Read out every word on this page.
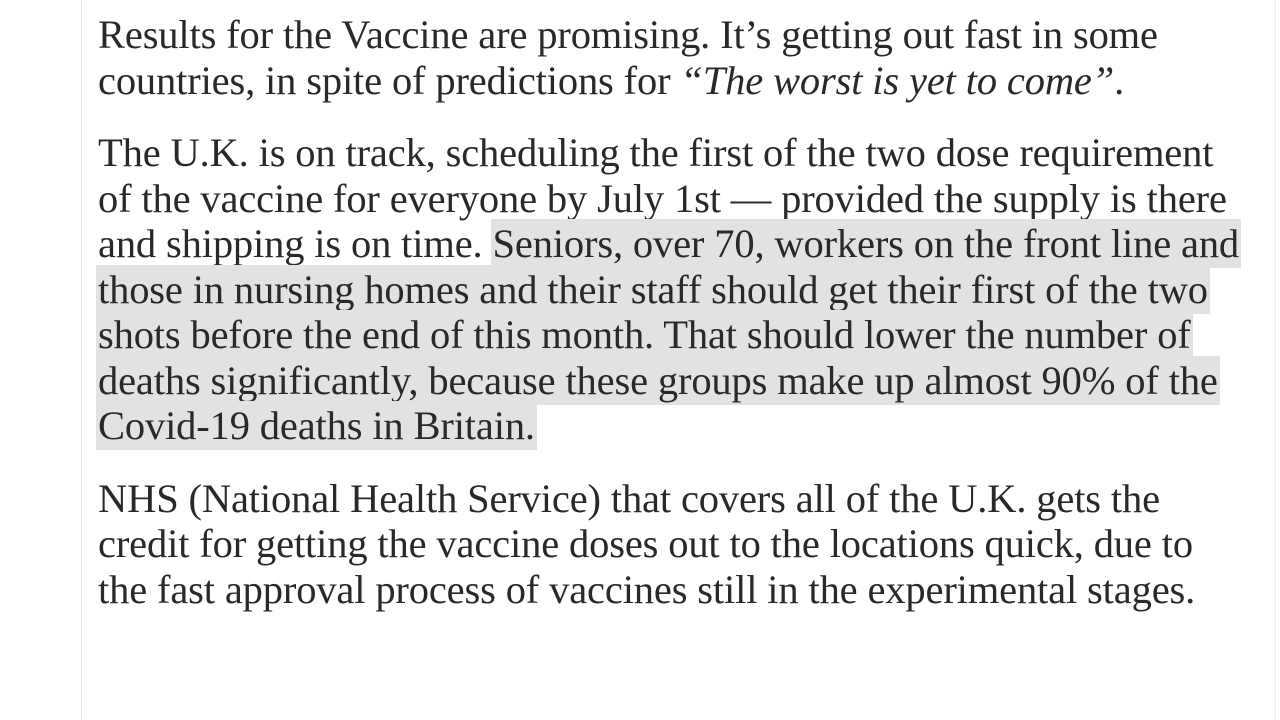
Results for the Vaccine are promising. It’s getting out fast in some countries, in spite of predictions for “The worst is yet to come”.

The U.K. is on track, scheduling the first of the two dose requirement of the vaccine for everyone by July 1st — provided the supply is there and shipping is on time. Seniors, over 70, workers on the front line and those in nursing homes and their staff should get their first of the two shots before the end of this month. That should lower the number of deaths significantly, because these groups make up almost 90% of the Covid-19 deaths in Britain.

NHS (National Health Service) that covers all of the U.K. gets the credit for getting the vaccine doses out to the locations quick, due to the fast approval process of vaccines still in the experimental stages.
